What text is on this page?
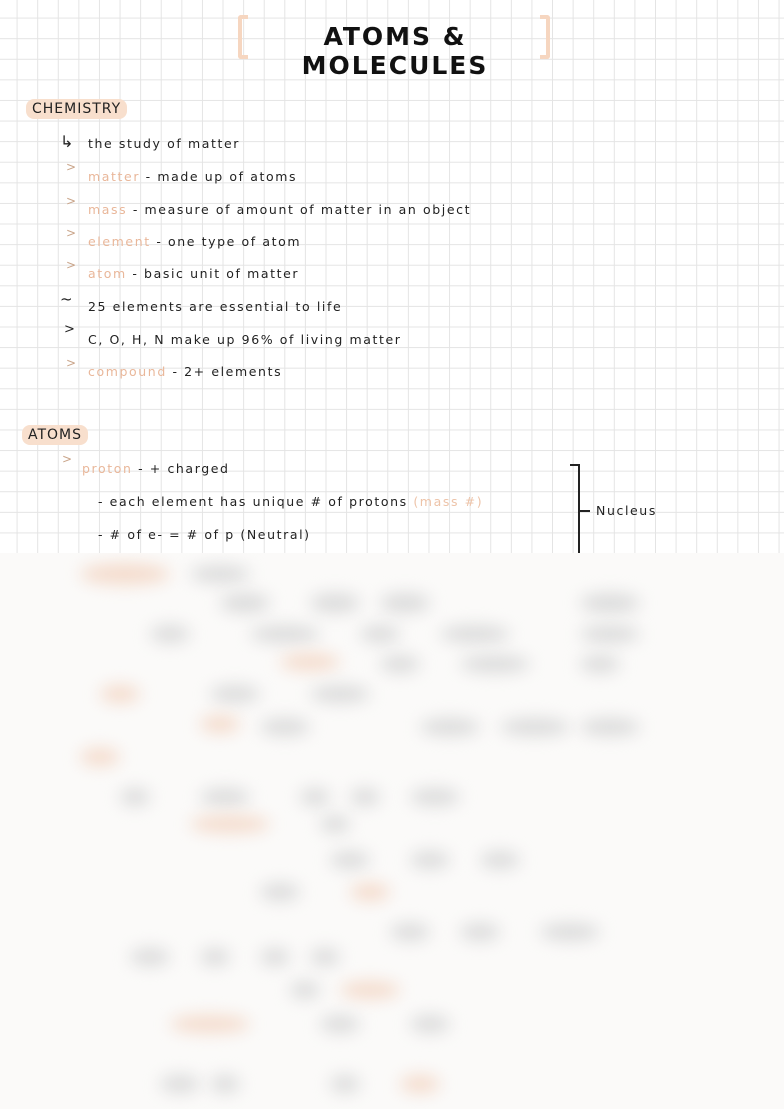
ATOMS & MOLECULES
CHEMISTRY
↳ the study of matter
>
matter - made up of atoms
>
mass - measure of amount of matter in an object
>
element - one type of atom
>
atom - basic unit of matter
~ 25 elements are essential to life
>
C, O, H, N make up 96% of living matter
>
compound - 2+ elements
ATOMS
>
proton - + charged
- each element has unique # of protons (mass #)
- # of e- = # of p (Neutral)
Nucleus
